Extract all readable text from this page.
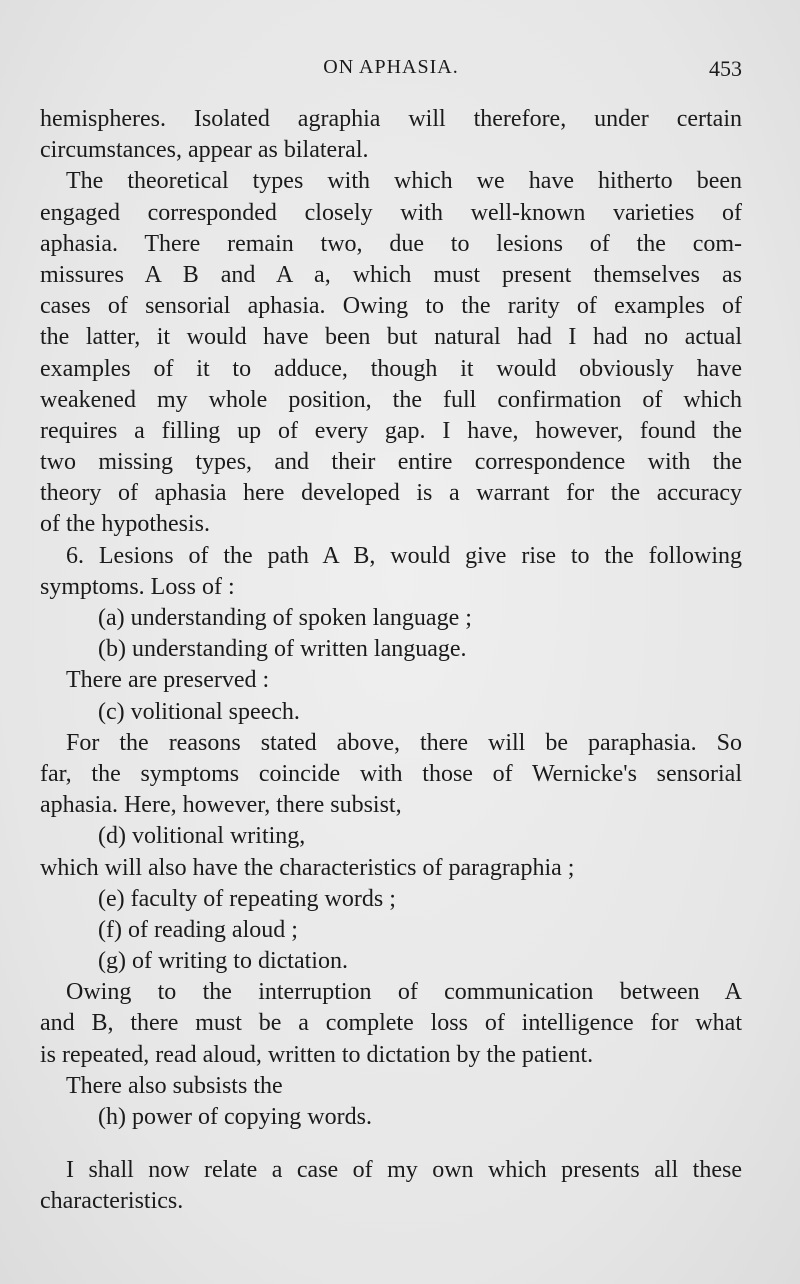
ON APHASIA.	453
hemispheres. Isolated agraphia will therefore, under certain
circumstances, appear as bilateral.
The theoretical types with which we have hitherto been
engaged corresponded closely with well-known varieties of
aphasia. There remain two, due to lesions of the com-
missures A B and A a, which must present themselves as
cases of sensorial aphasia. Owing to the rarity of examples of
the latter, it would have been but natural had I had no actual
examples of it to adduce, though it would obviously have
weakened my whole position, the full confirmation of which
requires a filling up of every gap. I have, however, found the
two missing types, and their entire correspondence with the
theory of aphasia here developed is a warrant for the accuracy
of the hypothesis.
6. Lesions of the path A B, would give rise to the following
symptoms. Loss of :
(a) understanding of spoken language ;
(b) understanding of written language.
There are preserved :
(c) volitional speech.
For the reasons stated above, there will be paraphasia. So
far, the symptoms coincide with those of Wernicke's sensorial
aphasia. Here, however, there subsist,
(d) volitional writing,
which will also have the characteristics of paragraphia ;
(e) faculty of repeating words ;
(f) of reading aloud ;
(g) of writing to dictation.
Owing to the interruption of communication between A
and B, there must be a complete loss of intelligence for what
is repeated, read aloud, written to dictation by the patient.
There also subsists the
(h) power of copying words.
I shall now relate a case of my own which presents all these
characteristics.
